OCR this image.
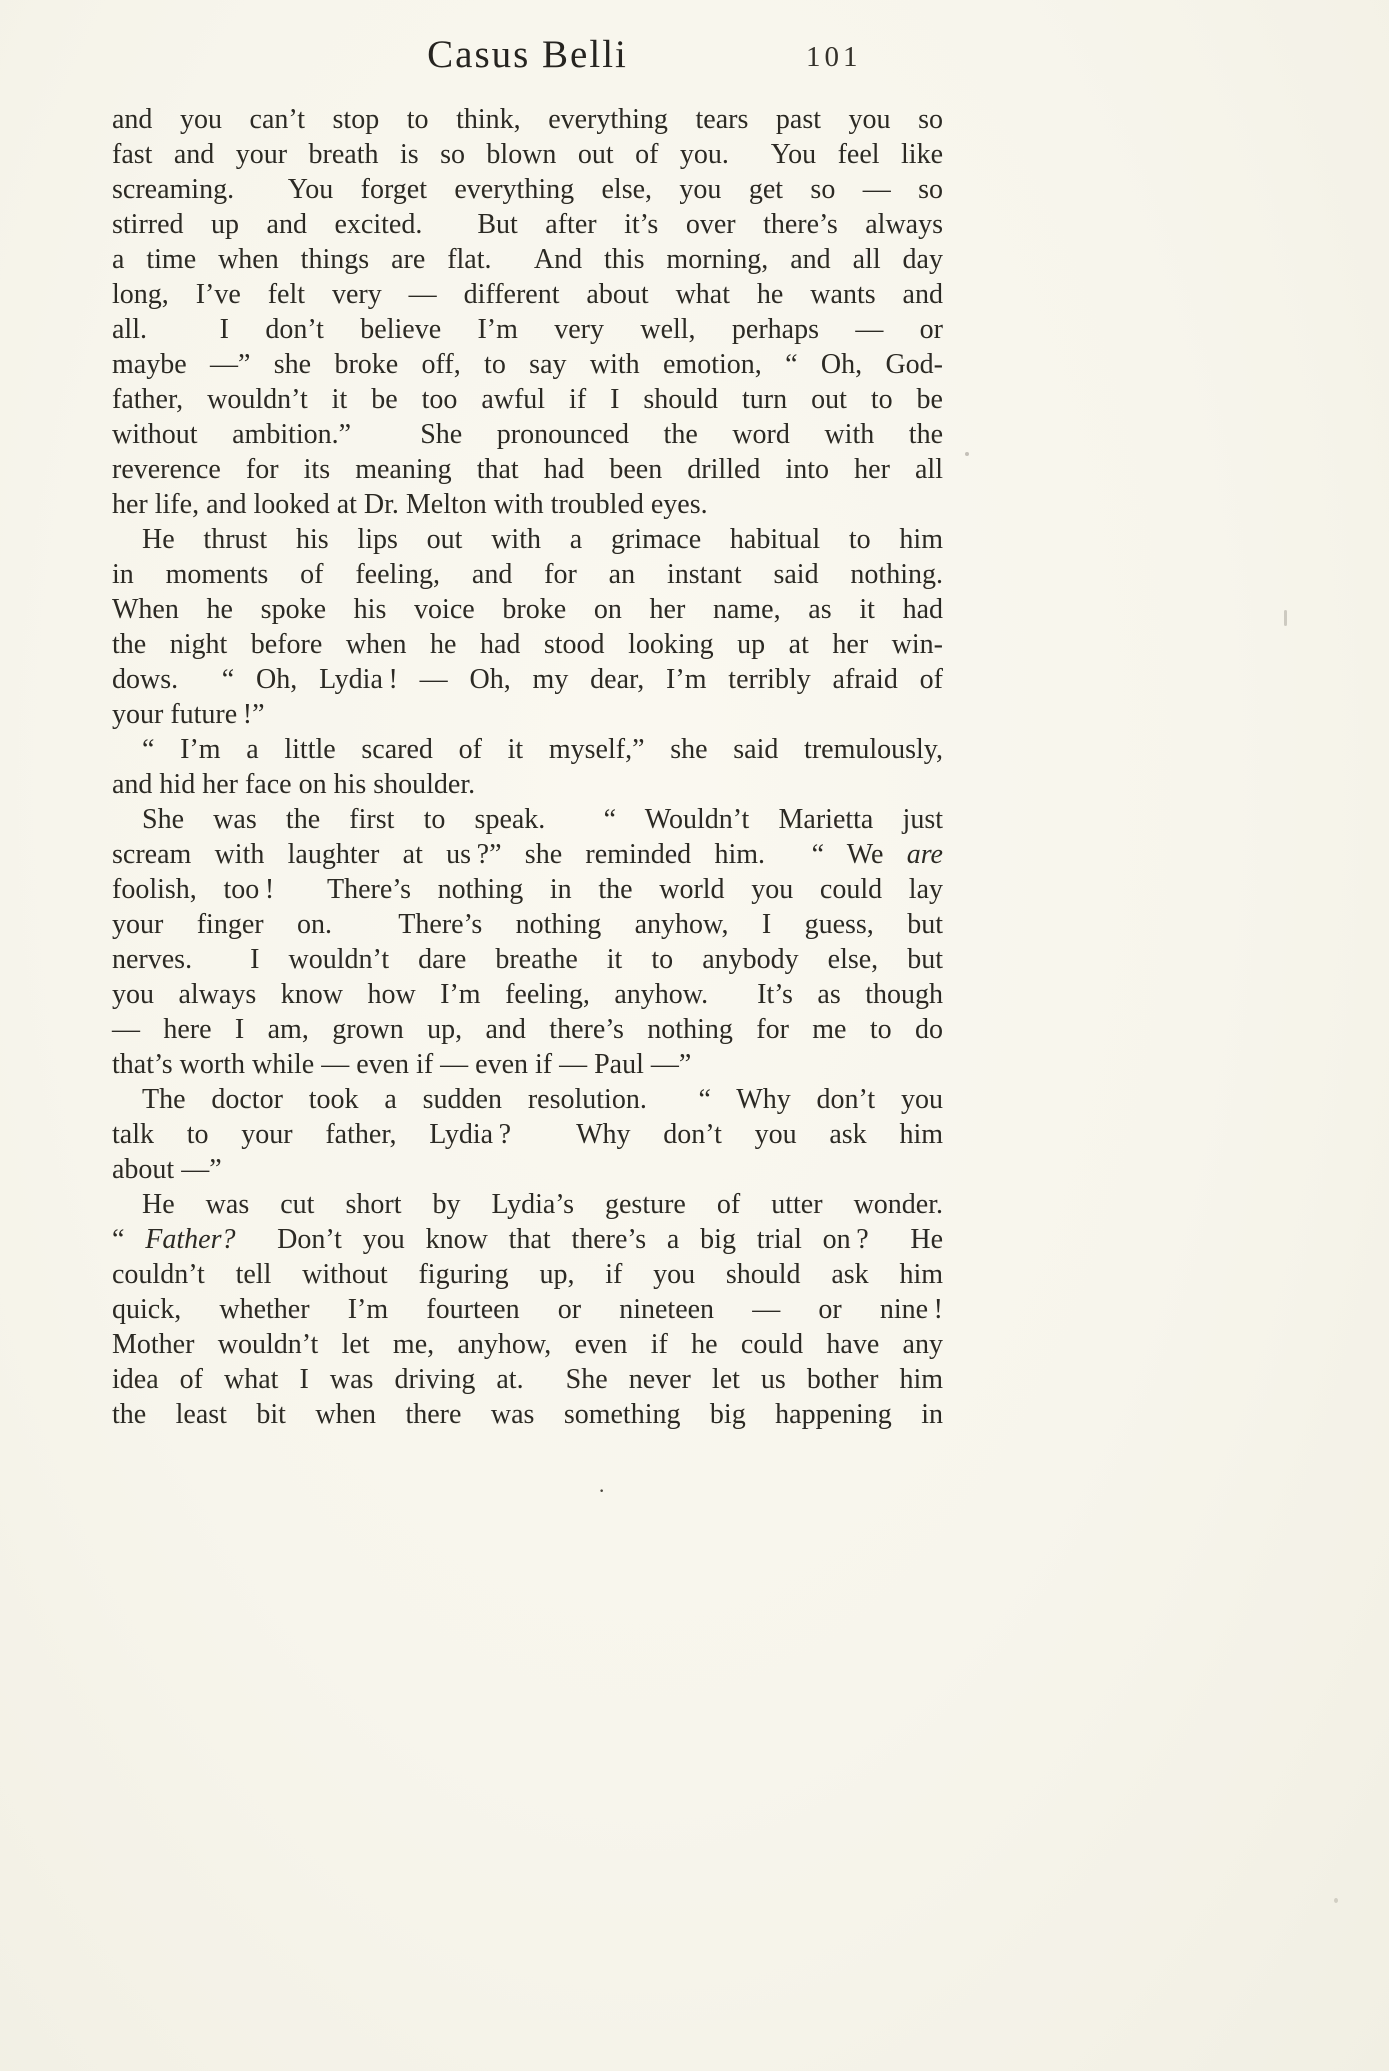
Casus Belli	101
and you can’t stop to think, everything tears past you so
fast and your breath is so blown out of you.  You feel like
screaming.  You forget everything else, you get so — so
stirred up and excited.  But after it’s over there’s always
a time when things are flat.  And this morning, and all day
long, I’ve felt very — different about what he wants and
all.  I don’t believe I’m very well, perhaps — or
maybe —” she broke off, to say with emotion, “ Oh, God-
father, wouldn’t it be too awful if I should turn out to be
without ambition.”  She pronounced the word with the
reverence for its meaning that had been drilled into her all
her life, and looked at Dr. Melton with troubled eyes.
He thrust his lips out with a grimace habitual to him
in moments of feeling, and for an instant said nothing.
When he spoke his voice broke on her name, as it had
the night before when he had stood looking up at her win-
dows.  “ Oh, Lydia ! — Oh, my dear, I’m terribly afraid of
your future !”
“ I’m a little scared of it myself,” she said tremulously,
and hid her face on his shoulder.
She was the first to speak.  “ Wouldn’t Marietta just
scream with laughter at us ?” she reminded him.  “ We are
foolish, too !  There’s nothing in the world you could lay
your finger on.  There’s nothing anyhow, I guess, but
nerves.  I wouldn’t dare breathe it to anybody else, but
you always know how I’m feeling, anyhow.  It’s as though
— here I am, grown up, and there’s nothing for me to do
that’s worth while — even if — even if — Paul —”
The doctor took a sudden resolution.  “ Why don’t you
talk to your father, Lydia ?  Why don’t you ask him
about —”
He was cut short by Lydia’s gesture of utter wonder.
“ Father?  Don’t you know that there’s a big trial on ?  He
couldn’t tell without figuring up, if you should ask him
quick, whether I’m fourteen or nineteen — or nine !
Mother wouldn’t let me, anyhow, even if he could have any
idea of what I was driving at.  She never let us bother him
the least bit when there was something big happening in
·
